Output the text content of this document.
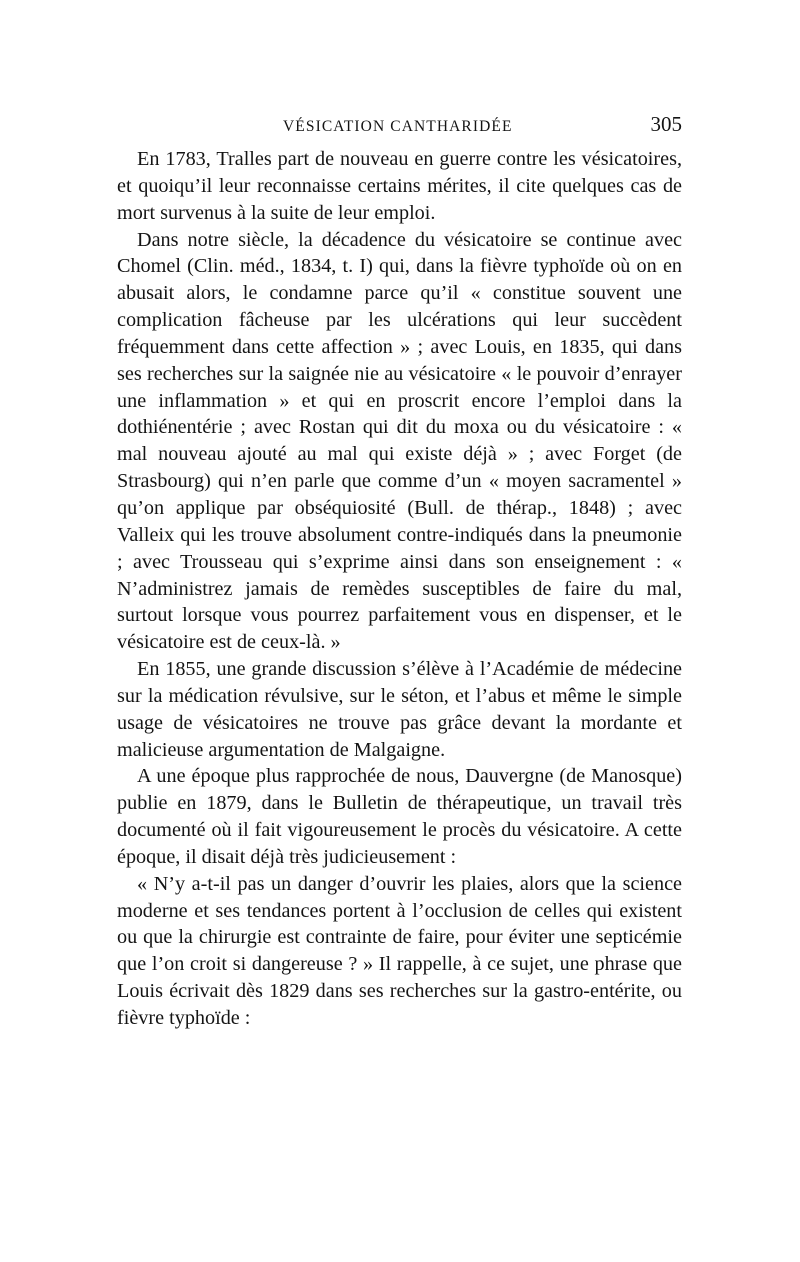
VÉSICATION CANTHARIDÉE	305

En 1783, Tralles part de nouveau en guerre contre les vésicatoires, et quoiqu’il leur reconnaisse certains mérites, il cite quelques cas de mort survenus à la suite de leur emploi.

Dans notre siècle, la décadence du vésicatoire se continue avec Chomel (Clin. méd., 1834, t. I) qui, dans la fièvre typhoïde où on en abusait alors, le condamne parce qu’il « constitue souvent une complication fâcheuse par les ulcérations qui leur succèdent fréquemment dans cette affection » ; avec Louis, en 1835, qui dans ses recherches sur la saignée nie au vésicatoire « le pouvoir d’enrayer une inflammation » et qui en proscrit encore l’emploi dans la dothiénentérie ; avec Rostan qui dit du moxa ou du vésicatoire : « mal nouveau ajouté au mal qui existe déjà » ; avec Forget (de Strasbourg) qui n’en parle que comme d’un « moyen sacramentel » qu’on applique par obséquiosité (Bull. de thérap., 1848) ; avec Valleix qui les trouve absolument contre-indiqués dans la pneumonie ; avec Trousseau qui s’exprime ainsi dans son enseignement : « N’administrez jamais de remèdes susceptibles de faire du mal, surtout lorsque vous pourrez parfaitement vous en dispenser, et le vésicatoire est de ceux-là. »

En 1855, une grande discussion s’élève à l’Académie de médecine sur la médication révulsive, sur le séton, et l’abus et même le simple usage de vésicatoires ne trouve pas grâce devant la mordante et malicieuse argumentation de Malgaigne.

A une époque plus rapprochée de nous, Dauvergne (de Manosque) publie en 1879, dans le Bulletin de thérapeutique, un travail très documenté où il fait vigoureusement le procès du vésicatoire. A cette époque, il disait déjà très judicieusement :

« N’y a-t-il pas un danger d’ouvrir les plaies, alors que la science moderne et ses tendances portent à l’occlusion de celles qui existent ou que la chirurgie est contrainte de faire, pour éviter une septicémie que l’on croit si dangereuse ? » Il rappelle, à ce sujet, une phrase que Louis écrivait dès 1829 dans ses recherches sur la gastro-entérite, ou fièvre typhoïde :
